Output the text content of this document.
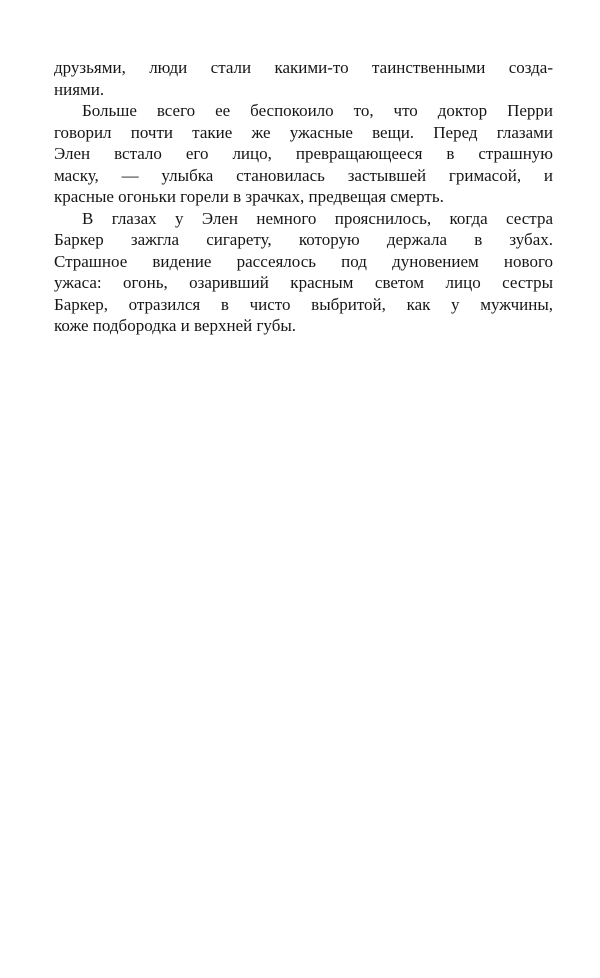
друзьями, люди стали какими-то таинственными созда-
ниями.
Больше всего ее беспокоило то, что доктор Перри
говорил почти такие же ужасные вещи. Перед глазами
Элен встало его лицо, превращающееся в страшную
маску, — улыбка становилась застывшей гримасой, и
красные огоньки горели в зрачках, предвещая смерть.
В глазах у Элен немного прояснилось, когда сестра
Баркер зажгла сигарету, которую держала в зубах.
Страшное видение рассеялось под дуновением нового
ужаса: огонь, озаривший красным светом лицо сестры
Баркер, отразился в чисто выбритой, как у мужчины,
коже подбородка и верхней губы.
